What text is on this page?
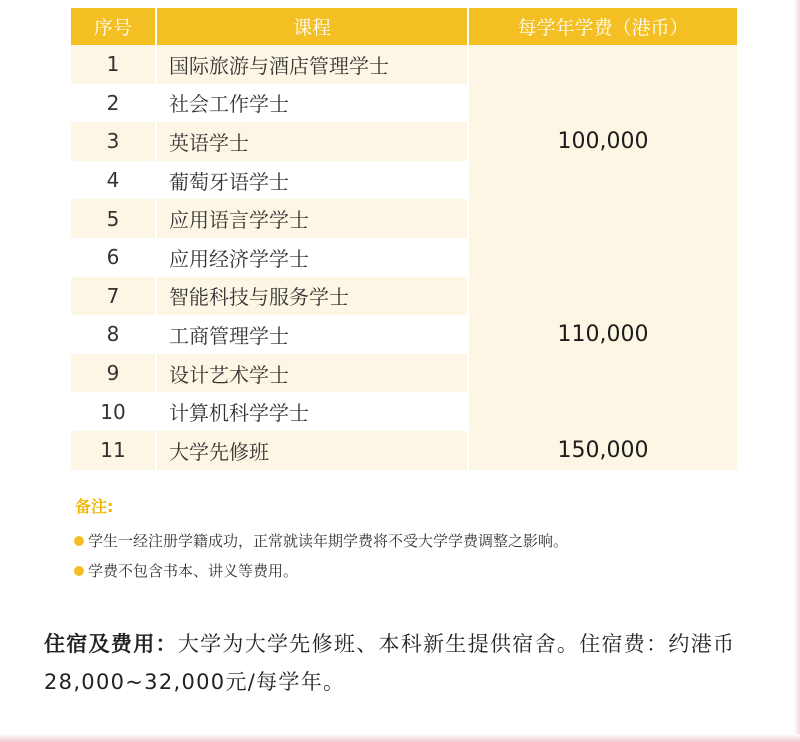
序号	课程	每学年学费（港币）
1	国际旅游与酒店管理学士	100,000
2	社会工作学士	
3	英语学士	
4	葡萄牙语学士	
5	应用语言学学士	
6	应用经济学学士	110,000
7	智能科技与服务学士	
8	工商管理学士	
9	设计艺术学士	
10	计算机科学学士	
11	大学先修班	150,000
备注:
学生一经注册学籍成功，正常就读年期学费将不受大学学费调整之影响。
学费不包含书本、讲义等费用。
住宿及费用：大学为大学先修班、本科新生提供宿舍。住宿费：约港币28,000~32,000元/每学年。
